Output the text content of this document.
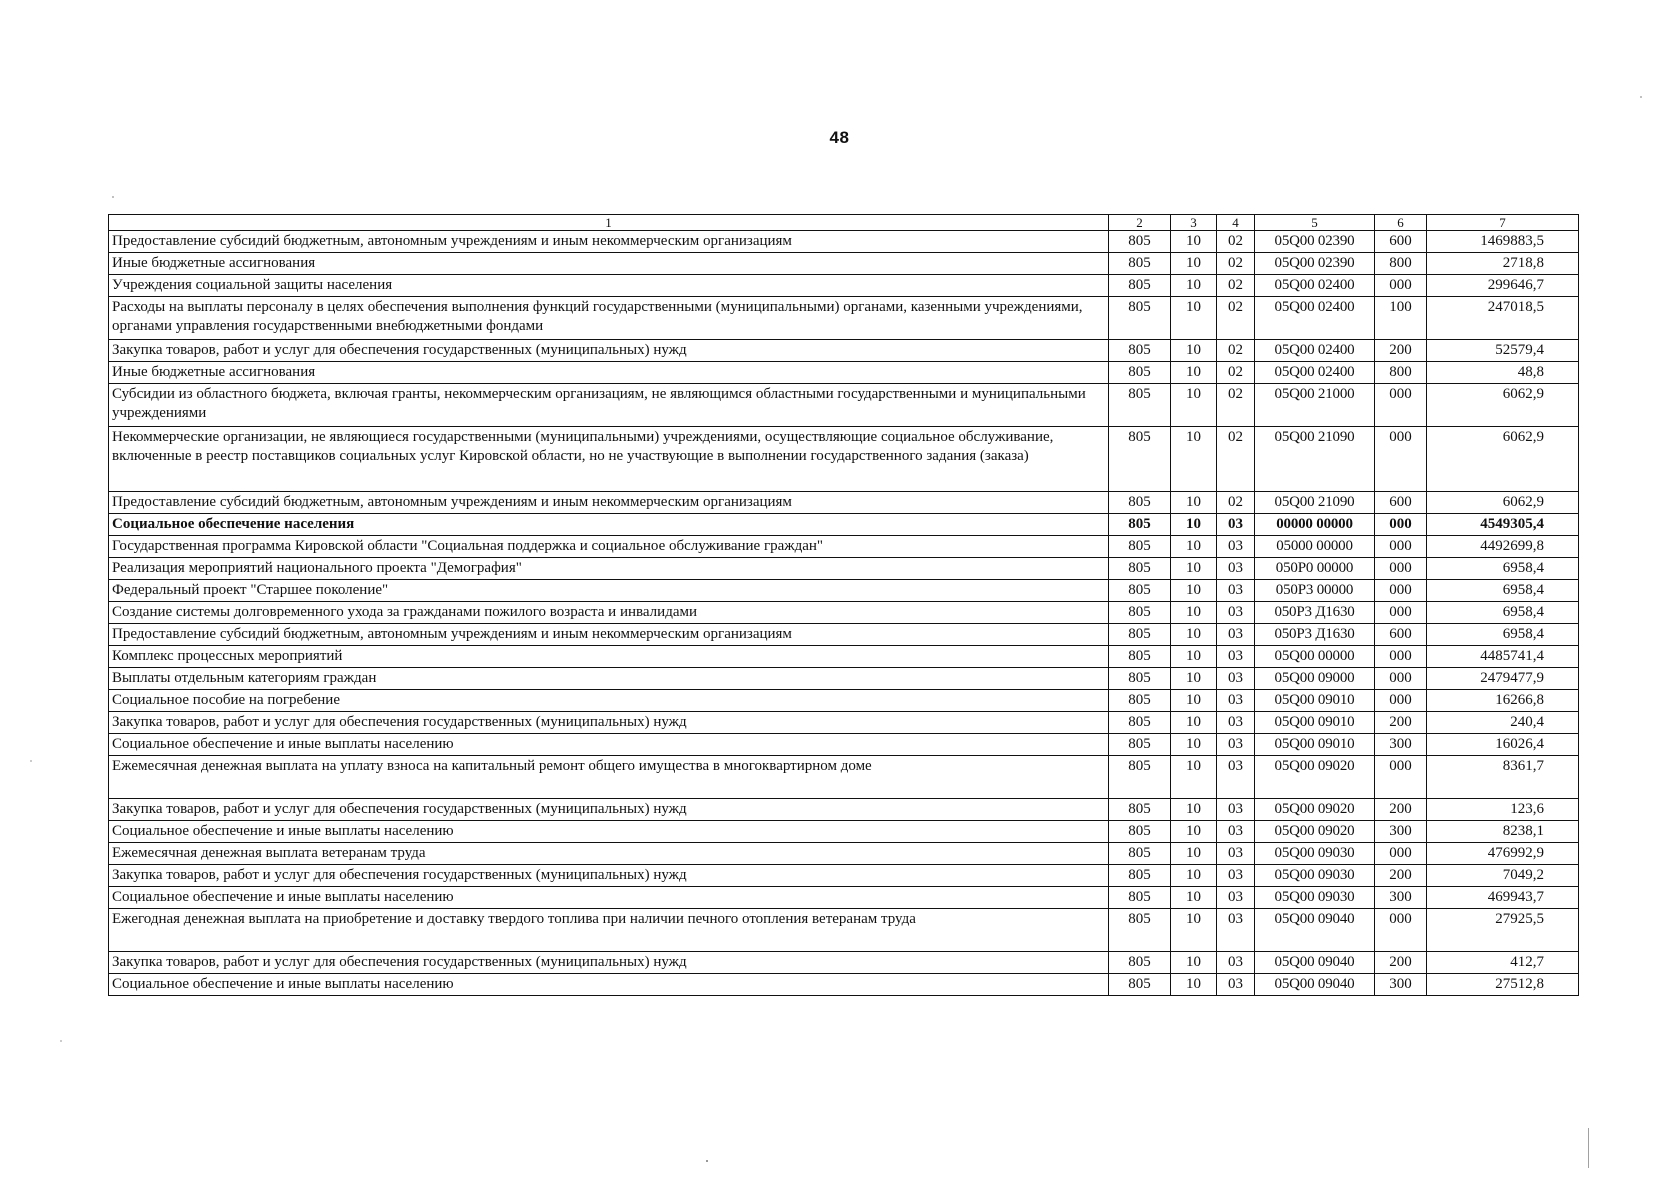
48
1	2	3	4	5	6	7
Предоставление субсидий бюджетным, автономным учреждениям и иным некоммерческим организациям	805	10	02	05Q00 02390	600	1469883,5
Иные бюджетные ассигнования	805	10	02	05Q00 02390	800	2718,8
Учреждения социальной защиты населения	805	10	02	05Q00 02400	000	299646,7
Расходы на выплаты персоналу в целях обеспечения выполнения функций государственными (муниципальными) органами, казенными учреждениями, органами управления государственными внебюджетными фондами	805	10	02	05Q00 02400	100	247018,5
Закупка товаров, работ и услуг для обеспечения государственных (муниципальных) нужд	805	10	02	05Q00 02400	200	52579,4
Иные бюджетные ассигнования	805	10	02	05Q00 02400	800	48,8
Субсидии из областного бюджета, включая гранты, некоммерческим организациям, не являющимся областными государственными и муниципальными учреждениями	805	10	02	05Q00 21000	000	6062,9
Некоммерческие организации, не являющиеся государственными (муниципальными) учреждениями, осуществляющие социальное обслуживание, включенные в реестр поставщиков социальных услуг Кировской области, но не участвующие в выполнении государственного задания (заказа)	805	10	02	05Q00 21090	000	6062,9
Предоставление субсидий бюджетным, автономным учреждениям и иным некоммерческим организациям	805	10	02	05Q00 21090	600	6062,9
Социальное обеспечение населения	805	10	03	00000 00000	000	4549305,4
Государственная программа Кировской области "Социальная поддержка и социальное обслуживание граждан"	805	10	03	05000 00000	000	4492699,8
Реализация мероприятий национального проекта "Демография"	805	10	03	050P0 00000	000	6958,4
Федеральный проект "Старшее поколение"	805	10	03	050P3 00000	000	6958,4
Создание системы долговременного ухода за гражданами пожилого возраста и инвалидами	805	10	03	050P3 Д1630	000	6958,4
Предоставление субсидий бюджетным, автономным учреждениям и иным некоммерческим организациям	805	10	03	050P3 Д1630	600	6958,4
Комплекс процессных мероприятий	805	10	03	05Q00 00000	000	4485741,4
Выплаты отдельным категориям граждан	805	10	03	05Q00 09000	000	2479477,9
Социальное пособие на погребение	805	10	03	05Q00 09010	000	16266,8
Закупка товаров, работ и услуг для обеспечения государственных (муниципальных) нужд	805	10	03	05Q00 09010	200	240,4
Социальное обеспечение и иные выплаты населению	805	10	03	05Q00 09010	300	16026,4
Ежемесячная денежная выплата на уплату взноса на капитальный ремонт общего имущества в многоквартирном доме	805	10	03	05Q00 09020	000	8361,7
Закупка товаров, работ и услуг для обеспечения государственных (муниципальных) нужд	805	10	03	05Q00 09020	200	123,6
Социальное обеспечение и иные выплаты населению	805	10	03	05Q00 09020	300	8238,1
Ежемесячная денежная выплата ветеранам труда	805	10	03	05Q00 09030	000	476992,9
Закупка товаров, работ и услуг для обеспечения государственных (муниципальных) нужд	805	10	03	05Q00 09030	200	7049,2
Социальное обеспечение и иные выплаты населению	805	10	03	05Q00 09030	300	469943,7
Ежегодная денежная выплата на приобретение и доставку твердого топлива при наличии печного отопления ветеранам труда	805	10	03	05Q00 09040	000	27925,5
Закупка товаров, работ и услуг для обеспечения государственных (муниципальных) нужд	805	10	03	05Q00 09040	200	412,7
Социальное обеспечение и иные выплаты населению	805	10	03	05Q00 09040	300	27512,8
